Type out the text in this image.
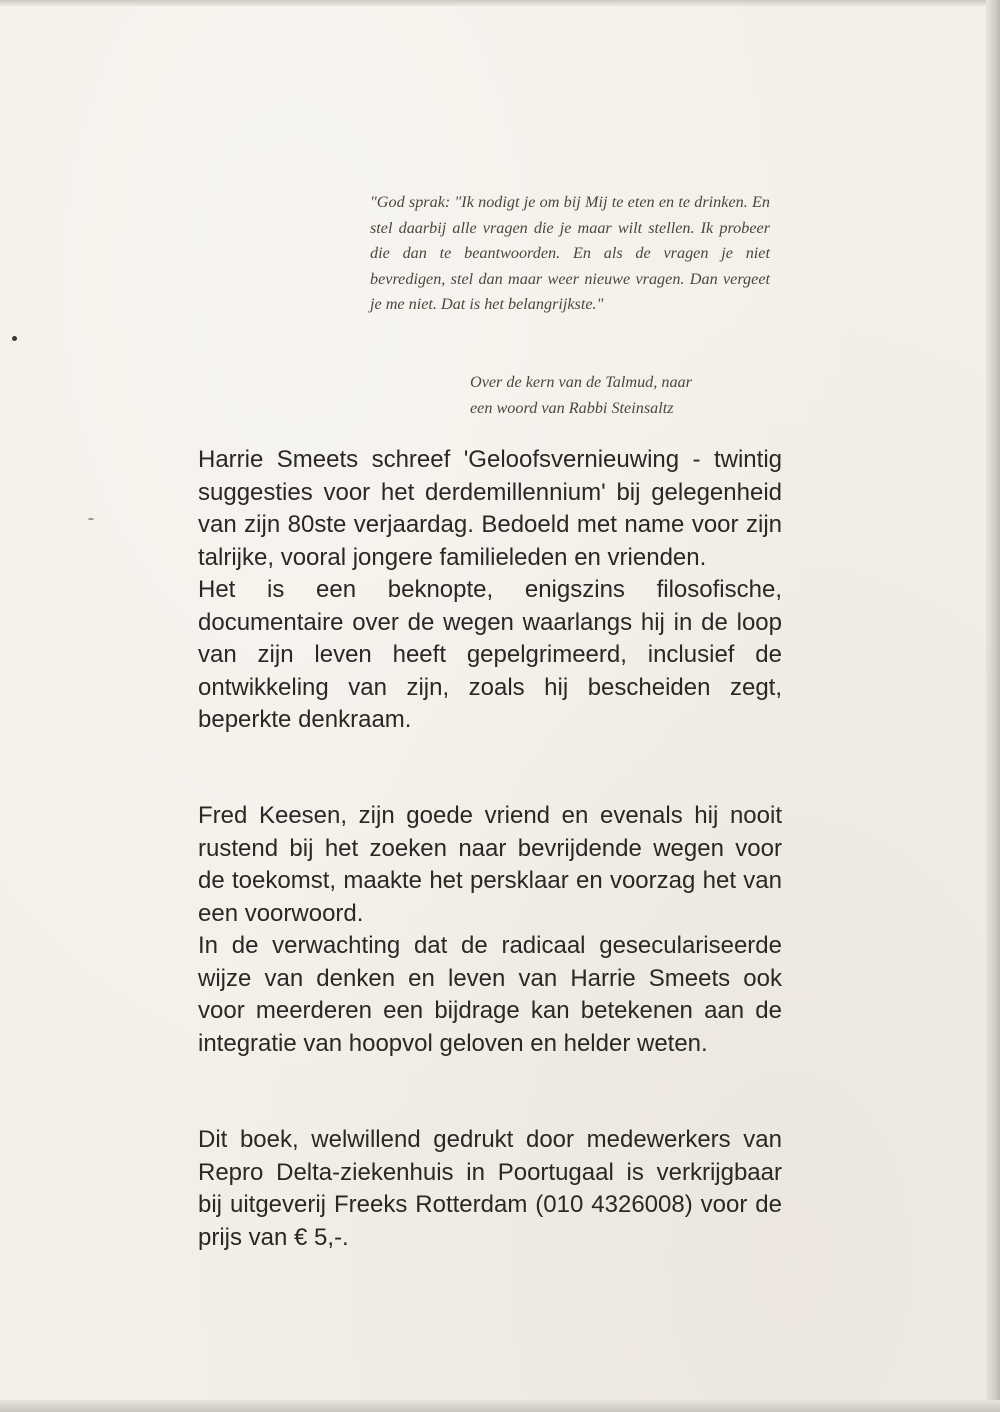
"God sprak: "Ik nodigt je om bij Mij te eten en te drinken. En stel daarbij alle vragen die je maar wilt stellen. Ik probeer die dan te beantwoorden. En als de vragen je niet bevredigen, stel dan maar weer nieuwe vragen. Dan vergeet je me niet. Dat is het belangrijkste."
Over de kern van de Talmud, naar
een woord van Rabbi Steinsaltz

Harrie Smeets schreef 'Geloofsvernieuwing - twintig suggesties voor het derdemillennium' bij gelegenheid van zijn 80ste verjaardag. Bedoeld met name voor zijn talrijke, vooral jongere familieleden en vrienden.

Het is een beknopte, enigszins filosofische, documentaire over de wegen waarlangs hij in de loop van zijn leven heeft gepelgrimeerd, inclusief de ontwikkeling van zijn, zoals hij bescheiden zegt, beperkte denkraam.

Fred Keesen, zijn goede vriend en evenals hij nooit rustend bij het zoeken naar bevrijdende wegen voor de toekomst, maakte het persklaar en voorzag het van een voorwoord.

In de verwachting dat de radicaal geseculariseerde wijze van denken en leven van Harrie Smeets ook voor meerderen een bijdrage kan betekenen aan de integratie van hoopvol geloven en helder weten.

Dit boek, welwillend gedrukt door medewerkers van Repro Delta-ziekenhuis in Poortugaal is verkrijgbaar bij uitgeverij Freeks Rotterdam (010 4326008) voor de prijs van € 5,-.
